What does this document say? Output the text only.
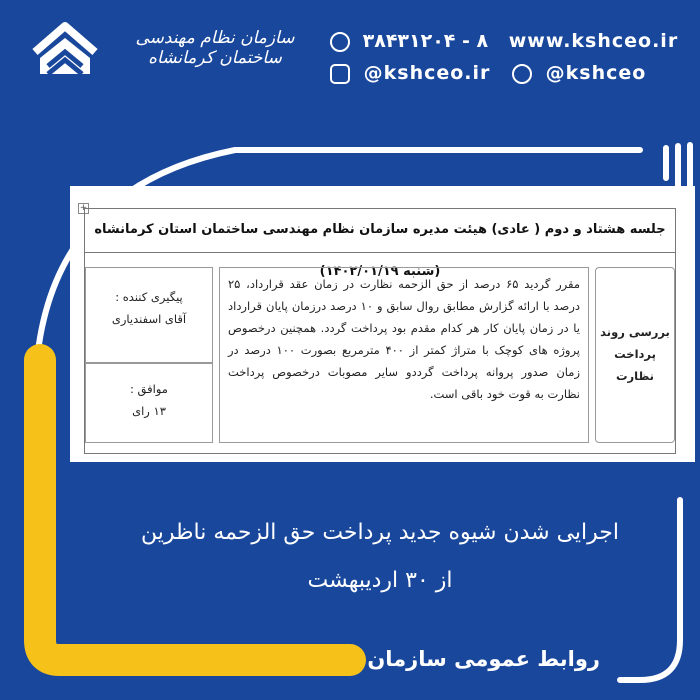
سازمان نظام مهندسی ساختمان کرمانشاه
۳۸۴۳۱۲۰۴ - ۸ www.kshceo.ir
@kshceo.ir	@kshceo
+
جلسه هشتاد و دوم ( عادی) هیئت مدیره سازمان نظام مهندسی ساختمان استان کرمانشاه (شنبه ۱۴۰۲/۰۱/۱۹)
بررسی روند
پرداخت نظارت
مقرر گردید ۶۵ درصد از حق الزحمه نظارت در زمان عقد قرارداد، ۲۵ درصد با ارائه گزارش مطابق روال سابق و ۱۰ درصد درزمان پایان قرارداد یا در زمان پایان کار هر کدام مقدم بود پرداخت گردد. همچنین درخصوص پروژه های کوچک با متراژ کمتر از ۴۰۰ مترمربع بصورت ۱۰۰ درصد در زمان صدور پروانه پرداخت گرددو سایر مصوبات درخصوص پرداخت نظارت به قوت خود باقی است.
پیگیری کننده :
آقای اسفندیاری
موافق :
۱۳ رای
اجرایی شدن شیوه جدید پرداخت حق الزحمه ناظرین
از ۳۰ اردیبهشت
روابط عمومی سازمان
